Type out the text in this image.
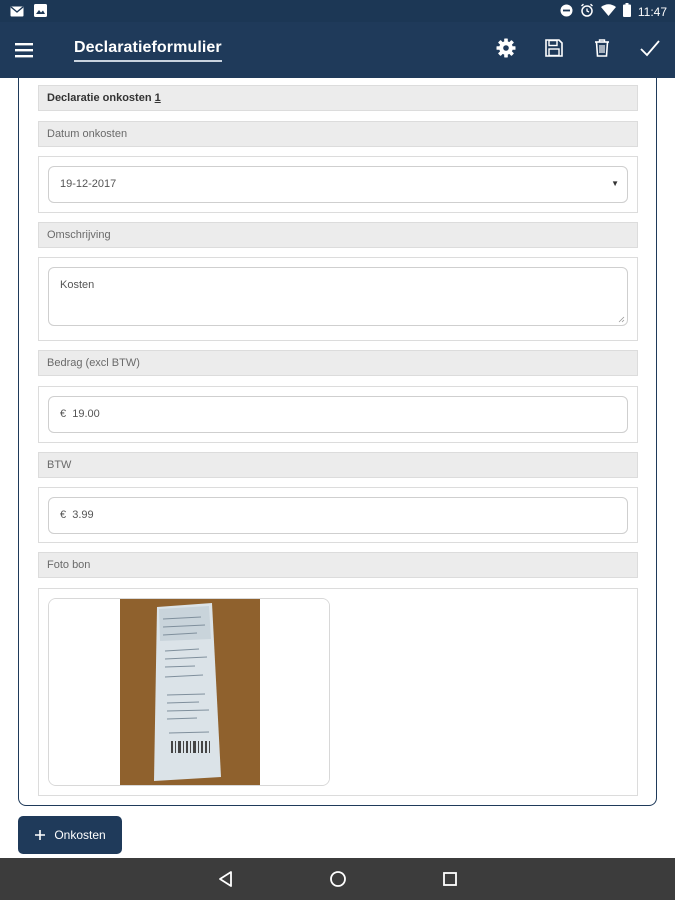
11:47
Declaratieformulier
Declaratie onkosten 1
Datum onkosten
19-12-2017	▼
Omschrijving
Kosten
Bedrag (excl BTW)
€ 19.00
BTW
€ 3.99
Foto bon
Onkosten
